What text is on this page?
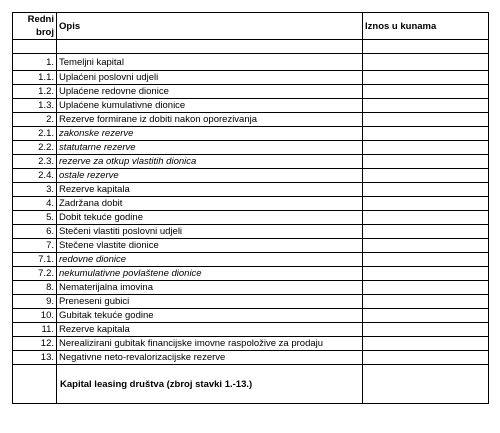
Redni
broj	Opis	Iznos u kunama

1.	Temeljni kapital	
1.1.	Uplaćeni poslovni udjeli	
1.2.	Uplaćene redovne dionice	
1.3.	Uplaćene kumulativne dionice	
2.	Rezerve formirane iz dobiti nakon oporezivanja	
2.1.	zakonske rezerve	
2.2.	statutarne rezerve	
2.3.	rezerve za otkup vlastitih dionica	
2.4.	ostale rezerve	
3.	Rezerve kapitala	
4.	Zadržana dobit	
5.	Dobit tekuće godine	
6.	Stečeni vlastiti poslovni udjeli	
7.	Stečene vlastite dionice	
7.1.	redovne dionice	
7.2.	nekumulativne povlaštene dionice	
8.	Nematerijalna imovina	
9.	Preneseni gubici	
10.	Gubitak tekuće godine	
11.	Rezerve kapitala	
12.	Nerealizirani gubitak financijske imovne raspoložive za prodaju	
13.	Negativne neto-revalorizacijske rezerve	
	Kapital leasing društva (zbroj stavki 1.-13.)	
